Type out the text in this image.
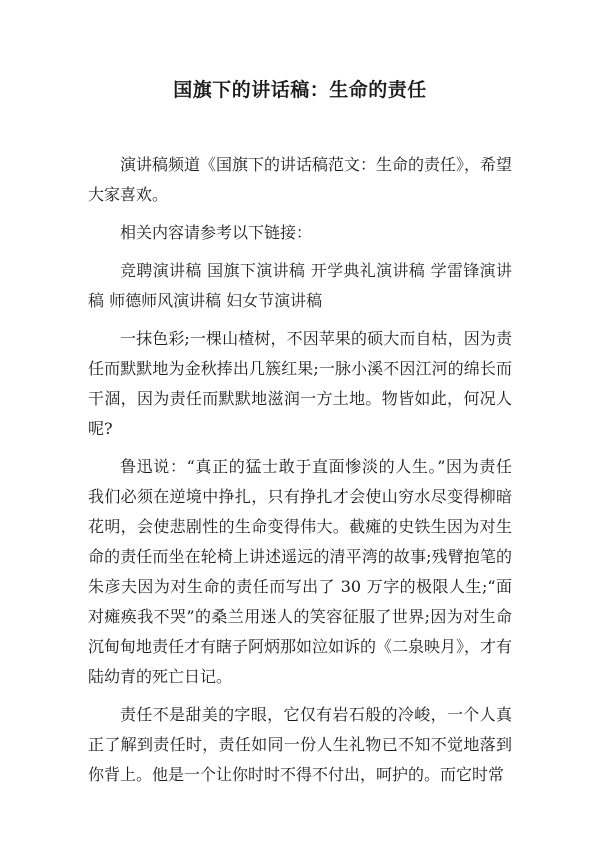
国旗下的讲话稿：生命的责任

演讲稿频道《国旗下的讲话稿范文：生命的责任》，希望大家喜欢。

相关内容请参考以下链接：

竞聘演讲稿 国旗下演讲稿 开学典礼演讲稿 学雷锋演讲稿 师德师风演讲稿 妇女节演讲稿

一抹色彩;一棵山楂树，不因苹果的硕大而自枯，因为责任而默默地为金秋捧出几簇红果;一脉小溪不因江河的绵长而干涸，因为责任而默默地滋润一方土地。物皆如此，何况人呢?

鲁迅说：“真正的猛士敢于直面惨淡的人生。”因为责任我们必须在逆境中挣扎，只有挣扎才会使山穷水尽变得柳暗花明，会使悲剧性的生命变得伟大。截瘫的史铁生因为对生命的责任而坐在轮椅上讲述遥远的清平湾的故事;残臂抱笔的朱彦夫因为对生命的责任而写出了 30 万字的极限人生;“面对瘫痪我不哭”的桑兰用迷人的笑容征服了世界;因为对生命沉甸甸地责任才有瞎子阿炳那如泣如诉的《二泉映月》，才有陆幼青的死亡日记。

责任不是甜美的字眼，它仅有岩石般的冷峻，一个人真正了解到责任时，责任如同一份人生礼物已不知不觉地落到你背上。他是一个让你时时不得不付出，呵护的。而它时常
